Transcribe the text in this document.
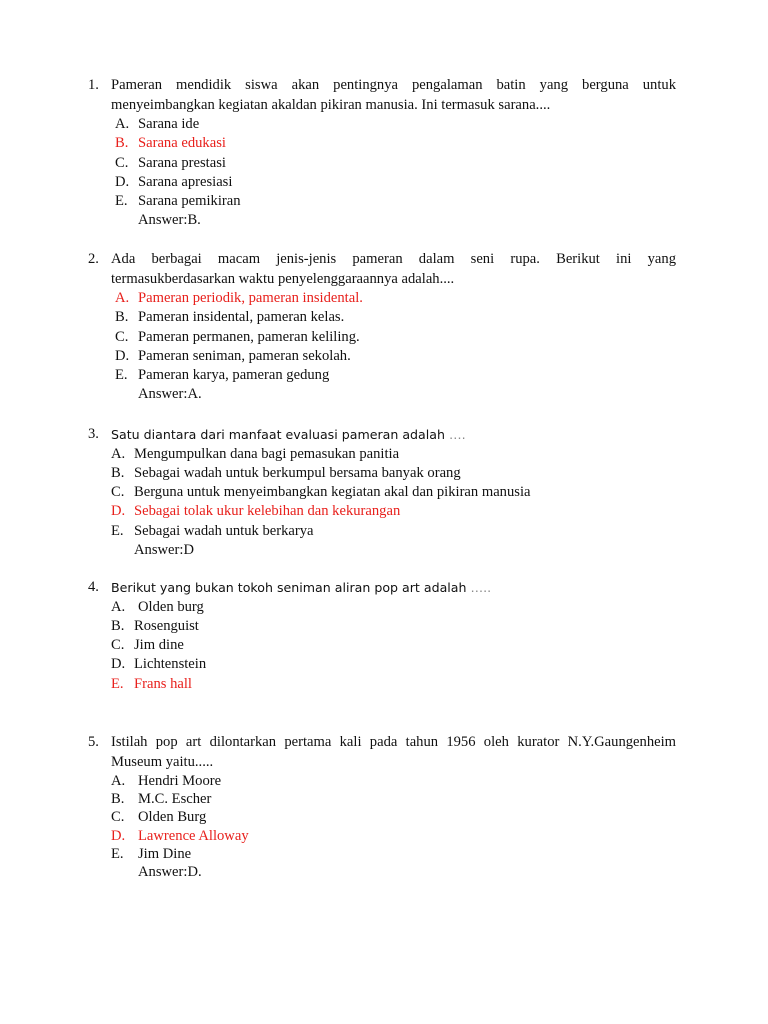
1. Pameran mendidik siswa akan pentingnya pengalaman batin yang berguna untuk menyeimbangkan kegiatan akaldan pikiran manusia. Ini termasuk sarana....
A. Sarana ide
B. Sarana edukasi
C. Sarana prestasi
D. Sarana apresiasi
E. Sarana pemikiran
Answer:B.
2. Ada berbagai macam jenis-jenis pameran dalam seni rupa. Berikut ini yang termasukberdasarkan waktu penyelenggaraannya adalah....
A. Pameran periodik, pameran insidental.
B. Pameran insidental, pameran kelas.
C. Pameran permanen, pameran keliling.
D. Pameran seniman, pameran sekolah.
E. Pameran karya, pameran gedung
Answer:A.
3. Satu diantara dari manfaat evaluasi pameran adalah ….
A. Mengumpulkan dana bagi pemasukan panitia
B. Sebagai wadah untuk berkumpul bersama banyak orang
C. Berguna untuk menyeimbangkan kegiatan akal dan pikiran manusia
D. Sebagai tolak ukur kelebihan dan kekurangan
E. Sebagai wadah untuk berkarya
Answer:D
4. Berikut yang bukan tokoh seniman aliran pop art adalah …..
A. Olden burg
B. Rosenguist
C. Jim dine
D. Lichtenstein
E. Frans hall
5. Istilah pop art dilontarkan pertama kali pada tahun 1956 oleh kurator N.Y.Gaungenheim Museum yaitu.....
A. Hendri Moore
B. M.C. Escher
C. Olden Burg
D. Lawrence Alloway
E. Jim Dine
Answer:D.
